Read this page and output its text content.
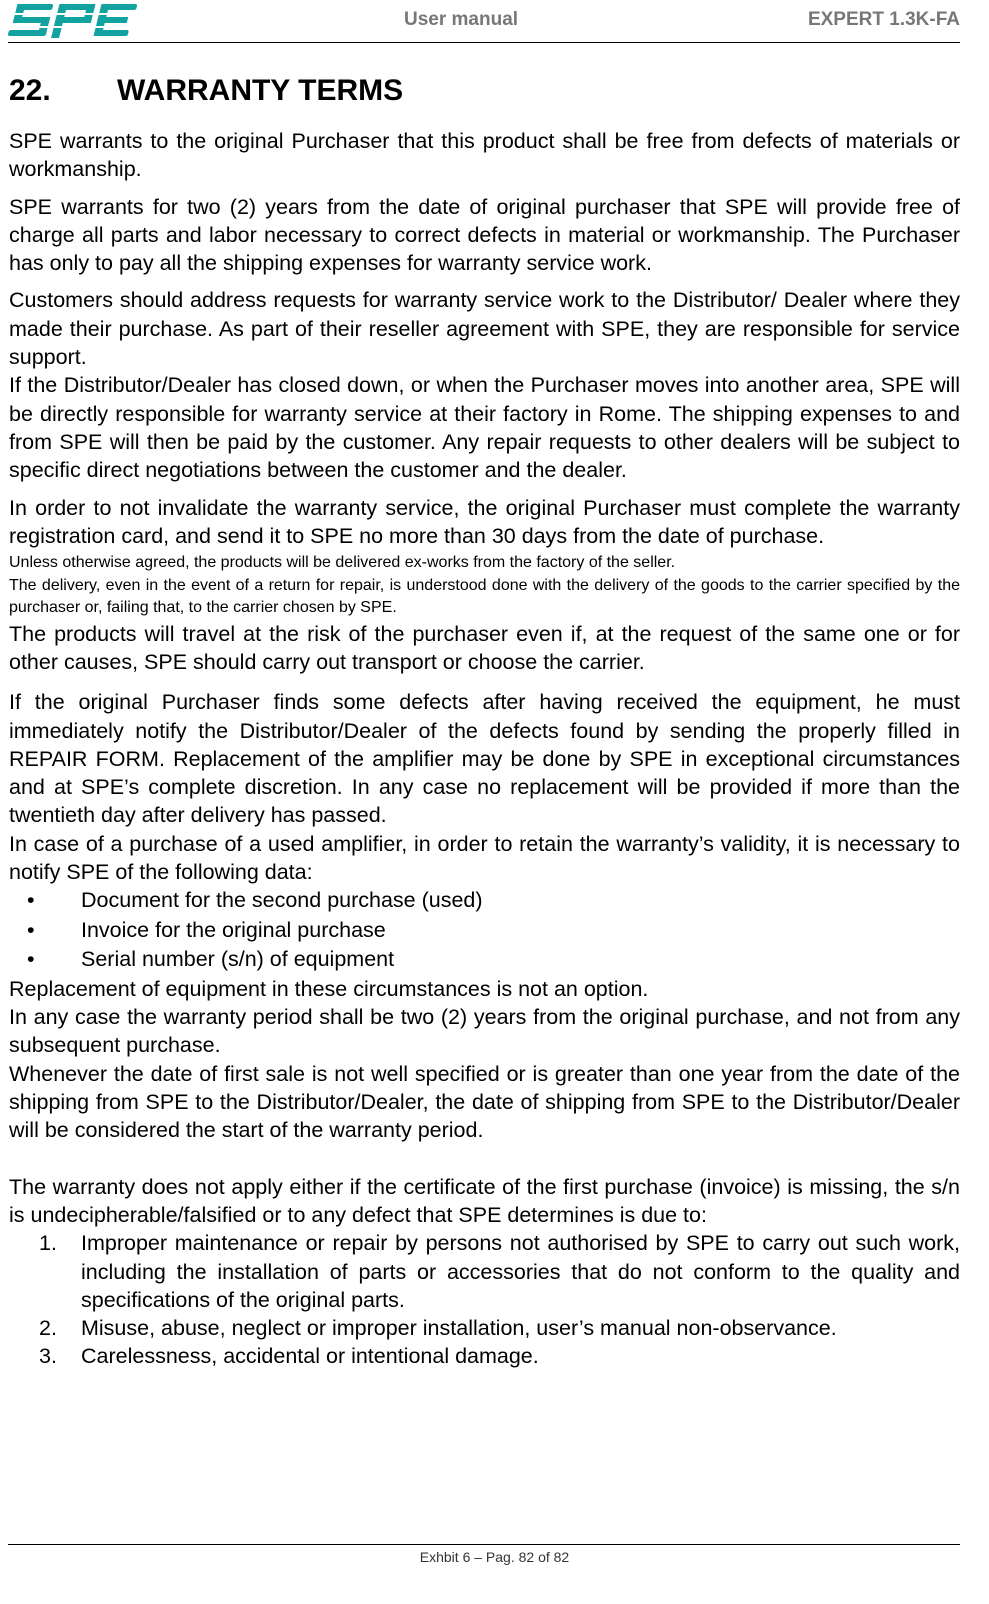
User manual	EXPERT 1.3K-FA
22.	WARRANTY TERMS

SPE warrants to the original Purchaser that this product shall be free from defects of materials or workmanship.

SPE warrants for two (2) years from the date of original purchaser that SPE will provide free of charge all parts and labor necessary to correct defects in material or workmanship. The Purchaser has only to pay all the shipping expenses for warranty service work.

Customers should address requests for warranty service work to the Distributor/ Dealer where they made their purchase. As part of their reseller agreement with SPE, they are responsible for service support.

If the Distributor/Dealer has closed down, or when the Purchaser moves into another area, SPE will be directly responsible for warranty service at their factory in Rome. The shipping expenses to and from SPE will then be paid by the customer. Any repair requests to other dealers will be subject to specific direct negotiations between the customer and the dealer.

In order to not invalidate the warranty service, the original Purchaser must complete the warranty registration card, and send it to SPE no more than 30 days from the date of purchase.

Unless otherwise agreed, the products will be delivered ex-works from the factory of the seller.

The delivery, even in the event of a return for repair, is understood done with the delivery of the goods to the carrier specified by the purchaser or, failing that, to the carrier chosen by SPE.

The products will travel at the risk of the purchaser even if, at the request of the same one or for other causes, SPE should carry out transport or choose the carrier.

If the original Purchaser finds some defects after having received the equipment, he must immediately notify the Distributor/Dealer of the defects found by sending the properly filled in REPAIR FORM. Replacement of the amplifier may be done by SPE in exceptional circumstances and at SPE’s complete discretion. In any case no replacement will be provided if more than the twentieth day after delivery has passed.

In case of a purchase of a used amplifier, in order to retain the warranty’s validity, it is necessary to notify SPE of the following data:

• Document for the second purchase (used)
• Invoice for the original purchase
• Serial number (s/n) of equipment

Replacement of equipment in these circumstances is not an option.

In any case the warranty period shall be two (2) years from the original purchase, and not from any subsequent purchase.

Whenever the date of first sale is not well specified or is greater than one year from the date of the shipping from SPE to the Distributor/Dealer, the date of shipping from SPE to the Distributor/Dealer will be considered the start of the warranty period.

The warranty does not apply either if the certificate of the first purchase (invoice) is missing, the s/n is undecipherable/falsified or to any defect that SPE determines is due to:

1. Improper maintenance or repair by persons not authorised by SPE to carry out such work, including the installation of parts or accessories that do not conform to the quality and specifications of the original parts.
2. Misuse, abuse, neglect or improper installation, user’s manual non-observance.
3. Carelessness, accidental or intentional damage.
Exhbit 6 – Pag. 82 of 82
